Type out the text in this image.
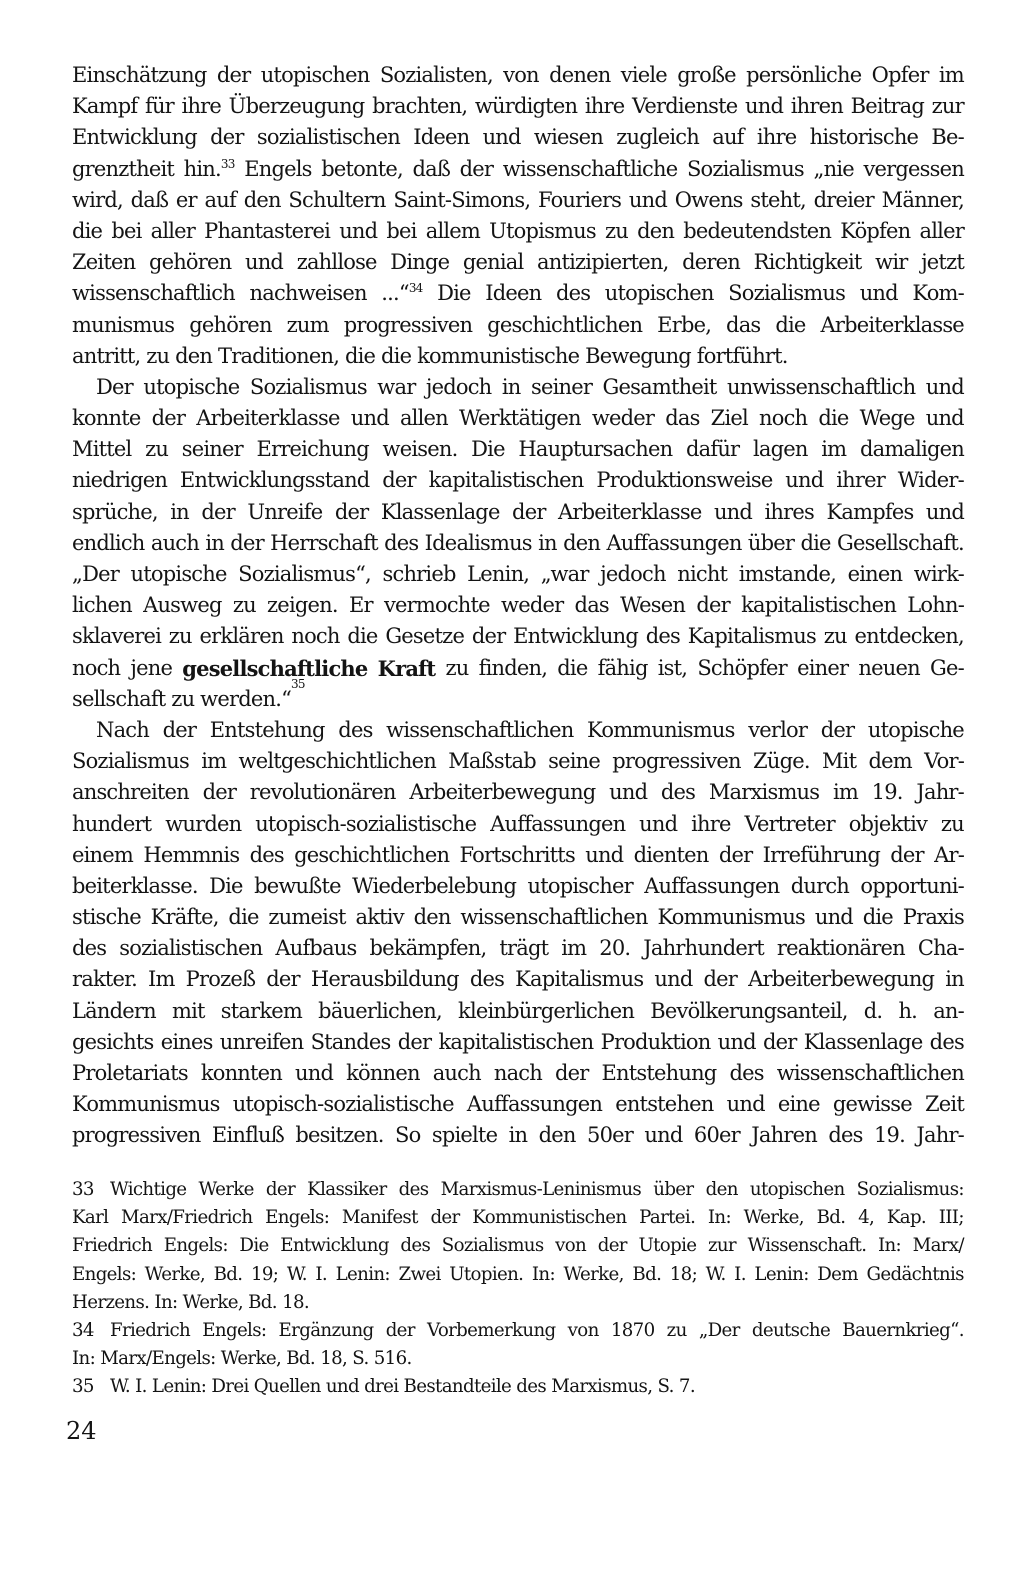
Einschätzung der utopischen Sozialisten, von denen viele große persönliche Opfer im
Kampf für ihre Überzeugung brachten, würdigten ihre Verdienste und ihren Beitrag zur
Entwicklung der sozialistischen Ideen und wiesen zugleich auf ihre historische Be-
grenztheit hin.$^{33}$ Engels betonte, daß der wissenschaftliche Sozialismus „nie vergessen
wird, daß er auf den Schultern Saint-Simons, Fouriers und Owens steht, dreier Männer,
die bei aller Phantasterei und bei allem Utopismus zu den bedeutendsten Köpfen aller
Zeiten gehören und zahllose Dinge genial antizipierten, deren Richtigkeit wir jetzt
wissenschaftlich nachweisen ...“$^{34}$ Die Ideen des utopischen Sozialismus und Kom-
munismus gehören zum progressiven geschichtlichen Erbe, das die Arbeiterklasse
antritt, zu den Traditionen, die die kommunistische Bewegung fortführt.
Der utopische Sozialismus war jedoch in seiner Gesamtheit unwissenschaftlich und
konnte der Arbeiterklasse und allen Werktätigen weder das Ziel noch die Wege und
Mittel zu seiner Erreichung weisen. Die Hauptursachen dafür lagen im damaligen
niedrigen Entwicklungsstand der kapitalistischen Produktionsweise und ihrer Wider-
sprüche, in der Unreife der Klassenlage der Arbeiterklasse und ihres Kampfes und
endlich auch in der Herrschaft des Idealismus in den Auffassungen über die Gesellschaft.
„Der utopische Sozialismus“, schrieb Lenin, „war jedoch nicht imstande, einen wirk-
lichen Ausweg zu zeigen. Er vermochte weder das Wesen der kapitalistischen Lohn-
sklaverei zu erklären noch die Gesetze der Entwicklung des Kapitalismus zu entdecken,
noch jene gesellschaftliche Kraft zu finden, die fähig ist, Schöpfer einer neuen Ge-
sellschaft zu werden.“
35
Nach der Entstehung des wissenschaftlichen Kommunismus verlor der utopische
Sozialismus im weltgeschichtlichen Maßstab seine progressiven Züge. Mit dem Vor-
anschreiten der revolutionären Arbeiterbewegung und des Marxismus im 19. Jahr-
hundert wurden utopisch-sozialistische Auffassungen und ihre Vertreter objektiv zu
einem Hemmnis des geschichtlichen Fortschritts und dienten der Irreführung der Ar-
beiterklasse. Die bewußte Wiederbelebung utopischer Auffassungen durch opportuni-
stische Kräfte, die zumeist aktiv den wissenschaftlichen Kommunismus und die Praxis
des sozialistischen Aufbaus bekämpfen, trägt im 20. Jahrhundert reaktionären Cha-
rakter. Im Prozeß der Herausbildung des Kapitalismus und der Arbeiterbewegung in
Ländern mit starkem bäuerlichen, kleinbürgerlichen Bevölkerungsanteil, d. h. an-
gesichts eines unreifen Standes der kapitalistischen Produktion und der Klassenlage des
Proletariats konnten und können auch nach der Entstehung des wissenschaftlichen
Kommunismus utopisch-sozialistische Auffassungen entstehen und eine gewisse Zeit
progressiven Einfluß besitzen. So spielte in den 50er und 60er Jahren des 19. Jahr-
33 Wichtige Werke der Klassiker des Marxismus-Leninismus über den utopischen Sozialismus:
Karl Marx/Friedrich Engels: Manifest der Kommunistischen Partei. In: Werke, Bd. 4, Kap. III;
Friedrich Engels: Die Entwicklung des Sozialismus von der Utopie zur Wissenschaft. In: Marx/
Engels: Werke, Bd. 19; W. I. Lenin: Zwei Utopien. In: Werke, Bd. 18; W. I. Lenin: Dem Gedächtnis
Herzens. In: Werke, Bd. 18.
34 Friedrich Engels: Ergänzung der Vorbemerkung von 1870 zu „Der deutsche Bauernkrieg“.
In: Marx/Engels: Werke, Bd. 18, S. 516.
35 W. I. Lenin: Drei Quellen und drei Bestandteile des Marxismus, S. 7.
24
